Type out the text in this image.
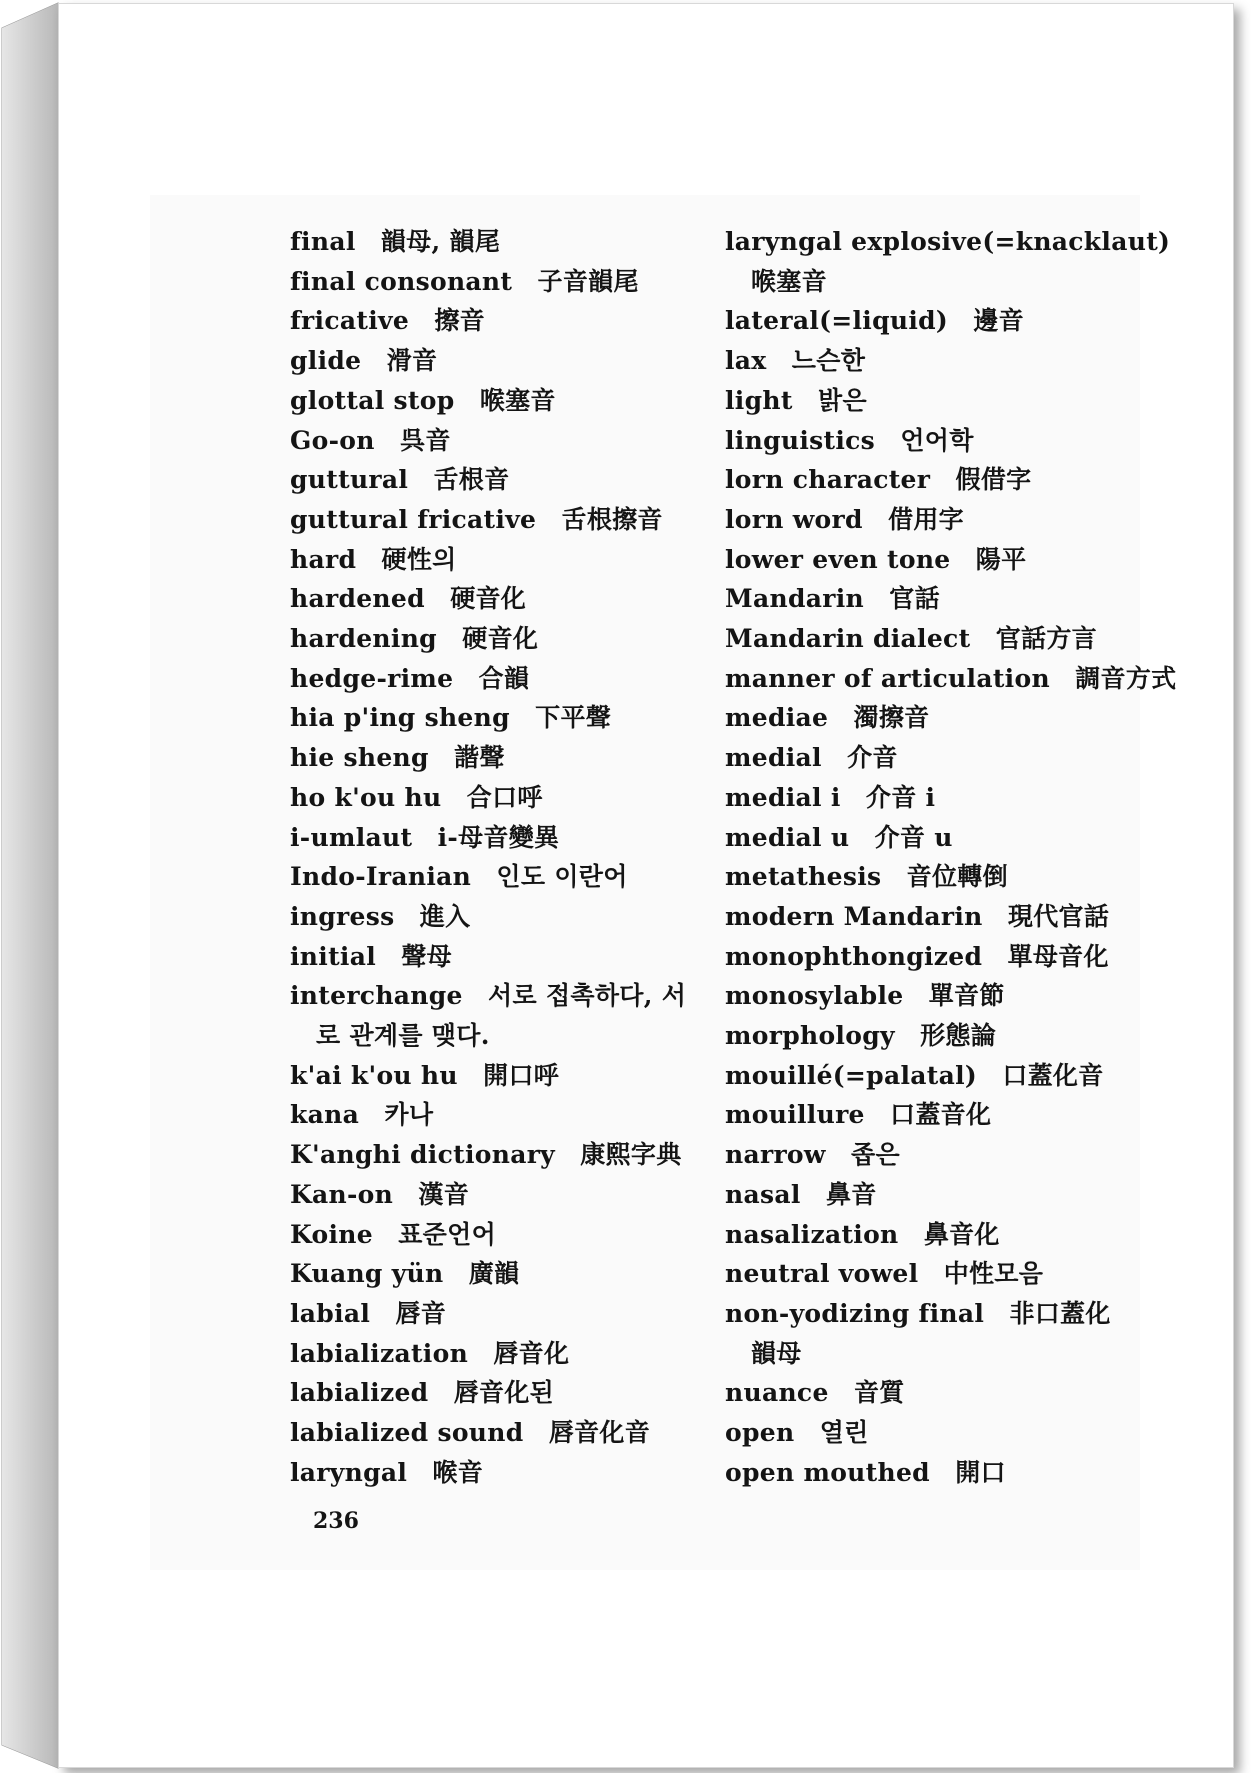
final　韻母, 韻尾
final consonant　子音韻尾
fricative　擦音
glide　滑音
glottal stop　喉塞音
Go-on　呉音
guttural　舌根音
guttural fricative　舌根擦音
hard　硬性의
hardened　硬音化
hardening　硬音化
hedge-rime　合韻
hia p'ing sheng　下平聲
hie sheng　諧聲
ho k'ou hu　合口呼
i-umlaut　i-母音變異
Indo-Iranian　인도 이란어
ingress　進入
initial　聲母
interchange　서로 접촉하다, 서
로 관계를 맺다.
k'ai k'ou hu　開口呼
kana　카나
K'anghi dictionary　康熙字典
Kan-on　漢音
Koine　표준언어
Kuang yün　廣韻
labial　唇音
labialization　唇音化
labialized　唇音化된
labialized sound　唇音化音
laryngal　喉音
laryngal explosive(=knacklaut)
喉塞音
lateral(=liquid)　邊音
lax　느슨한
light　밝은
linguistics　언어학
lorn character　假借字
lorn word　借用字
lower even tone　陽平
Mandarin　官話
Mandarin dialect　官話方言
manner of articulation　調音方式
mediae　濁擦音
medial　介音
medial i　介音 i
medial u　介音 u
metathesis　音位轉倒
modern Mandarin　現代官話
monophthongized　單母音化
monosylable　單音節
morphology　形態論
mouillé(=palatal)　口蓋化音
mouillure　口蓋音化
narrow　좁은
nasal　鼻音
nasalization　鼻音化
neutral vowel　中性모음
non-yodizing final　非口蓋化
韻母
nuance　音質
open　열린
open mouthed　開口
236
